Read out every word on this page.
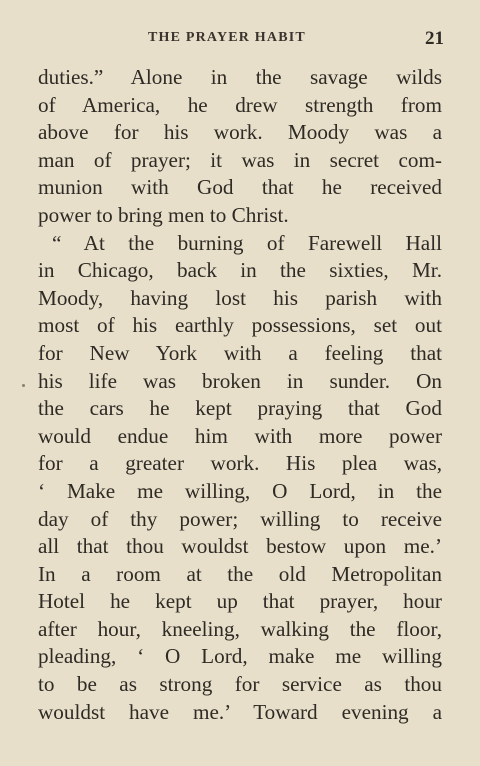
THE PRAYER HABIT	21
duties.” Alone in the savage wilds
of America, he drew strength from
above for his work. Moody was a
man of prayer; it was in secret com-
munion with God that he received
power to bring men to Christ.
“ At the burning of Farewell Hall
in Chicago, back in the sixties, Mr.
Moody, having lost his parish with
most of his earthly possessions, set out
for New York with a feeling that
his life was broken in sunder. On
the cars he kept praying that God
would endue him with more power
for a greater work. His plea was,
‘ Make me willing, O Lord, in the
day of thy power; willing to receive
all that thou wouldst bestow upon me.’
In a room at the old Metropolitan
Hotel he kept up that prayer, hour
after hour, kneeling, walking the floor,
pleading, ‘ O Lord, make me willing
to be as strong for service as thou
wouldst have me.’ Toward evening a
